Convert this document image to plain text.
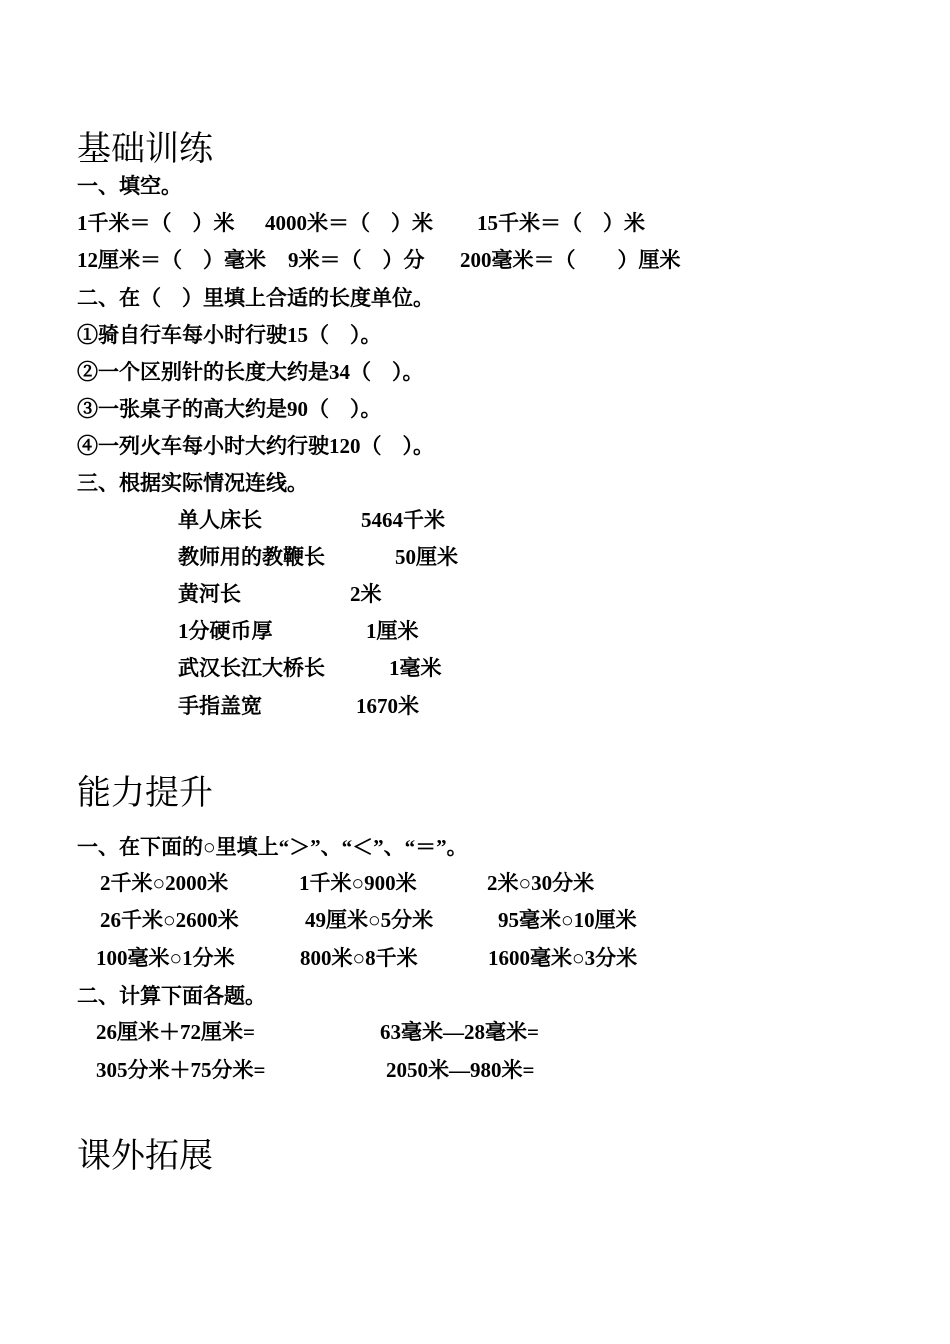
基础训练
一、填空。
1千米＝（　）米 4000米＝（　）米 15千米＝（　）米
12厘米＝（　）毫米 9米＝（　）分 200毫米＝（　　）厘米
二、在（　）里填上合适的长度单位。
①骑自行车每小时行驶15（　）。
②一个区别针的长度大约是34（　）。
③一张桌子的高大约是90（　）。
④一列火车每小时大约行驶120（　）。
三、根据实际情况连线。
单人床长	5464千米
教师用的教鞭长	50厘米
黄河长	2米
1分硬币厚	1厘米
武汉长江大桥长	1毫米
手指盖宽	1670米
能力提升
一、在下面的○里填上“＞”、“＜”、“＝”。
2千米○2000米	1千米○900米	2米○30分米
26千米○2600米	49厘米○5分米	95毫米○10厘米
100毫米○1分米	800米○8千米	1600毫米○3分米
二、计算下面各题。
26厘米＋72厘米=	63毫米—28毫米=
305分米＋75分米=	2050米—980米=
课外拓展
